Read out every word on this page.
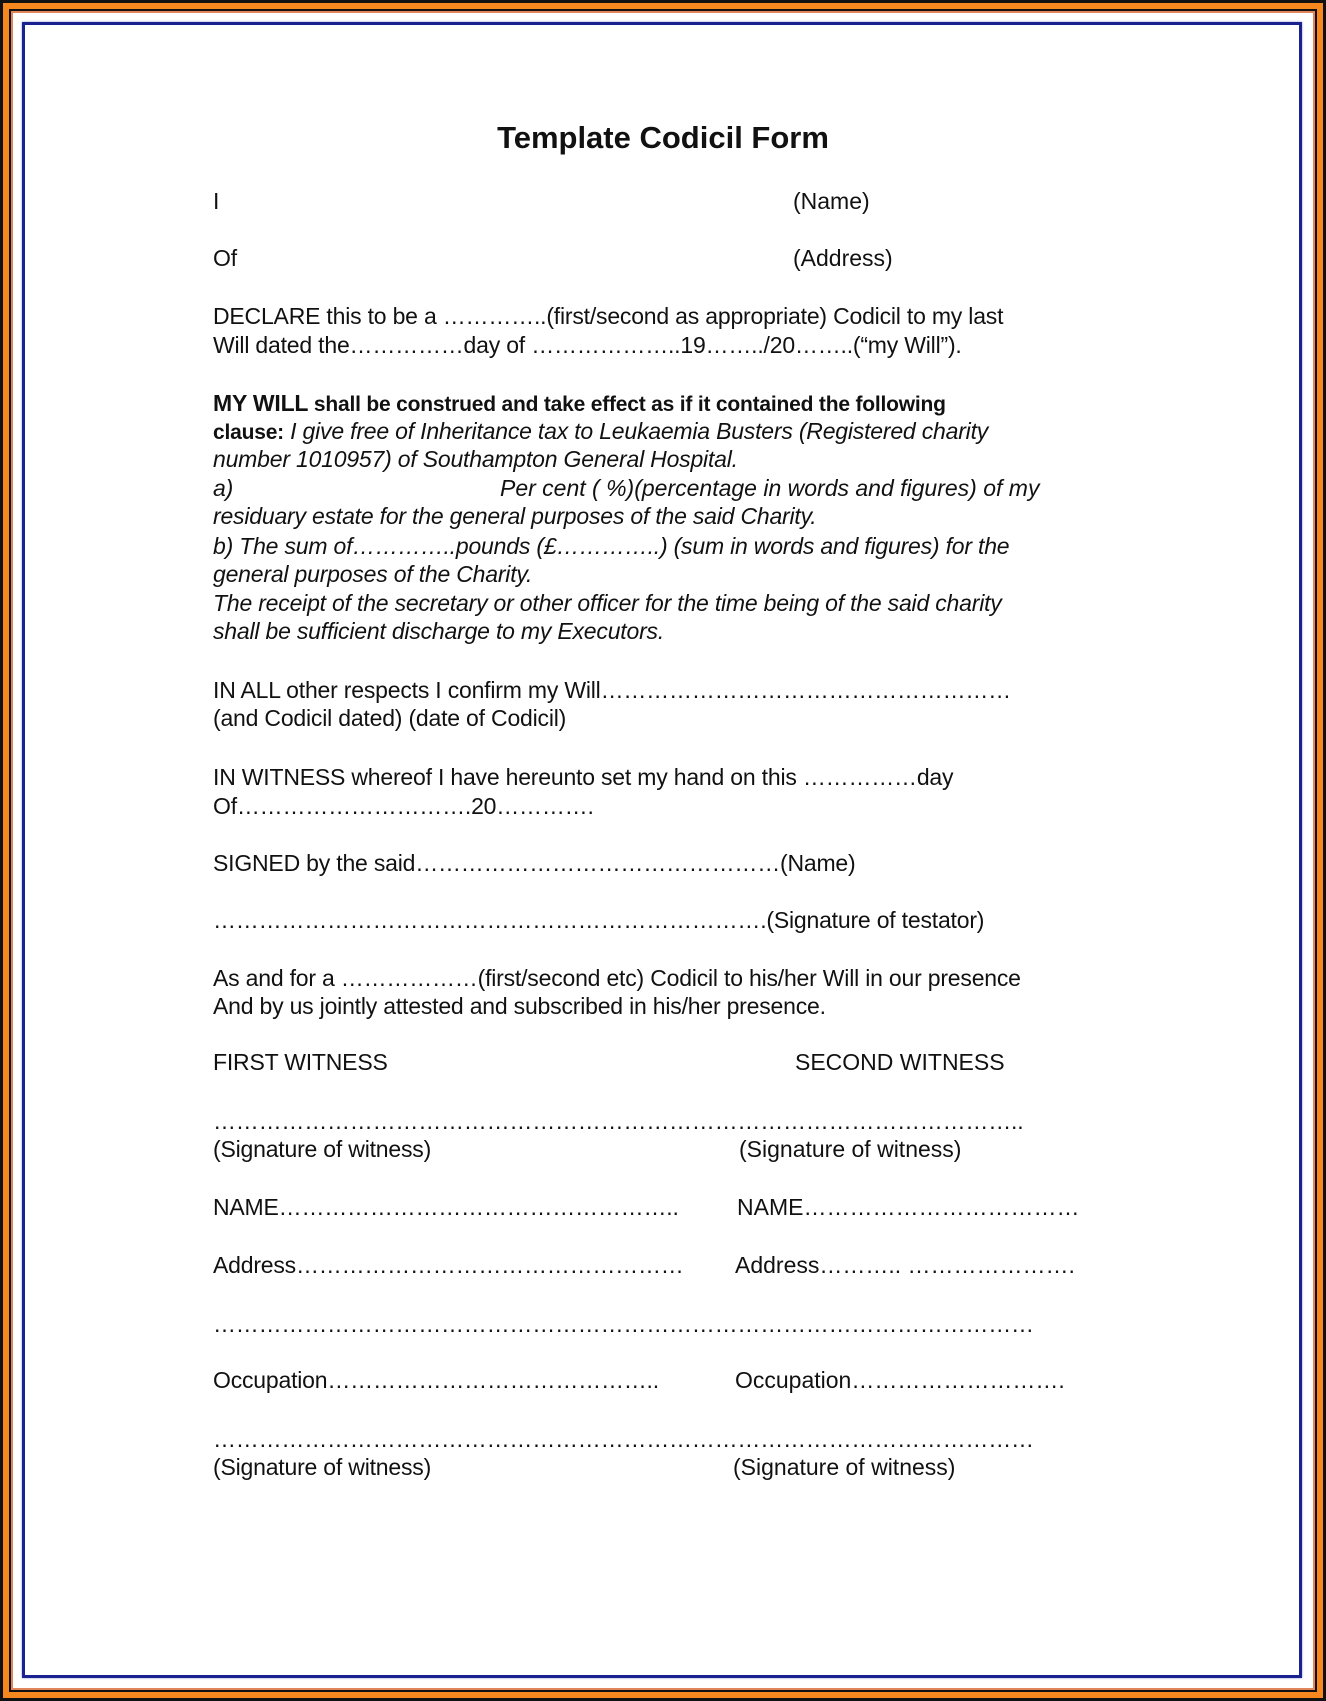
Template Codicil Form
I	(Name)
Of	(Address)
DECLARE this to be a …………..(first/second as appropriate) Codicil to my last
Will dated the……………day of ………………..19……../20……..(“my Will”).
MY WILL shall be construed and take effect as if it contained the following
clause: I give free of Inheritance tax to Leukaemia Busters (Registered charity
number 1010957) of Southampton General Hospital.
a)	Per cent ( %)(percentage in words and figures) of my
residuary estate for the general purposes of the said Charity.
b) The sum of…………..pounds (£…………..) (sum in words and figures) for the
general purposes of the Charity.
The receipt of the secretary or other officer for the time being of the said charity
shall be sufficient discharge to my Executors.
IN ALL other respects I confirm my Will………………………………………………
(and Codicil dated) (date of Codicil)
IN WITNESS whereof I have hereunto set my hand on this ……………day
Of………………………….20………….
SIGNED by the said…………………………………………(Name)
……………………………………………………………….(Signature of testator)
As and for a ………………(first/second etc) Codicil to his/her Will in our presence
And by us jointly attested and subscribed in his/her presence.
FIRST WITNESS	SECOND WITNESS
……………………………………………………………………………………………..
(Signature of witness)	(Signature of witness)
NAME……………………………………………..	NAME………………………………
Address…………………………………………… Address……….. ………………….
………………………………………………………………………………………………
Occupation……………………………………..	Occupation……………………….
………………………………………………………………………………………………
(Signature of witness)	(Signature of witness)
